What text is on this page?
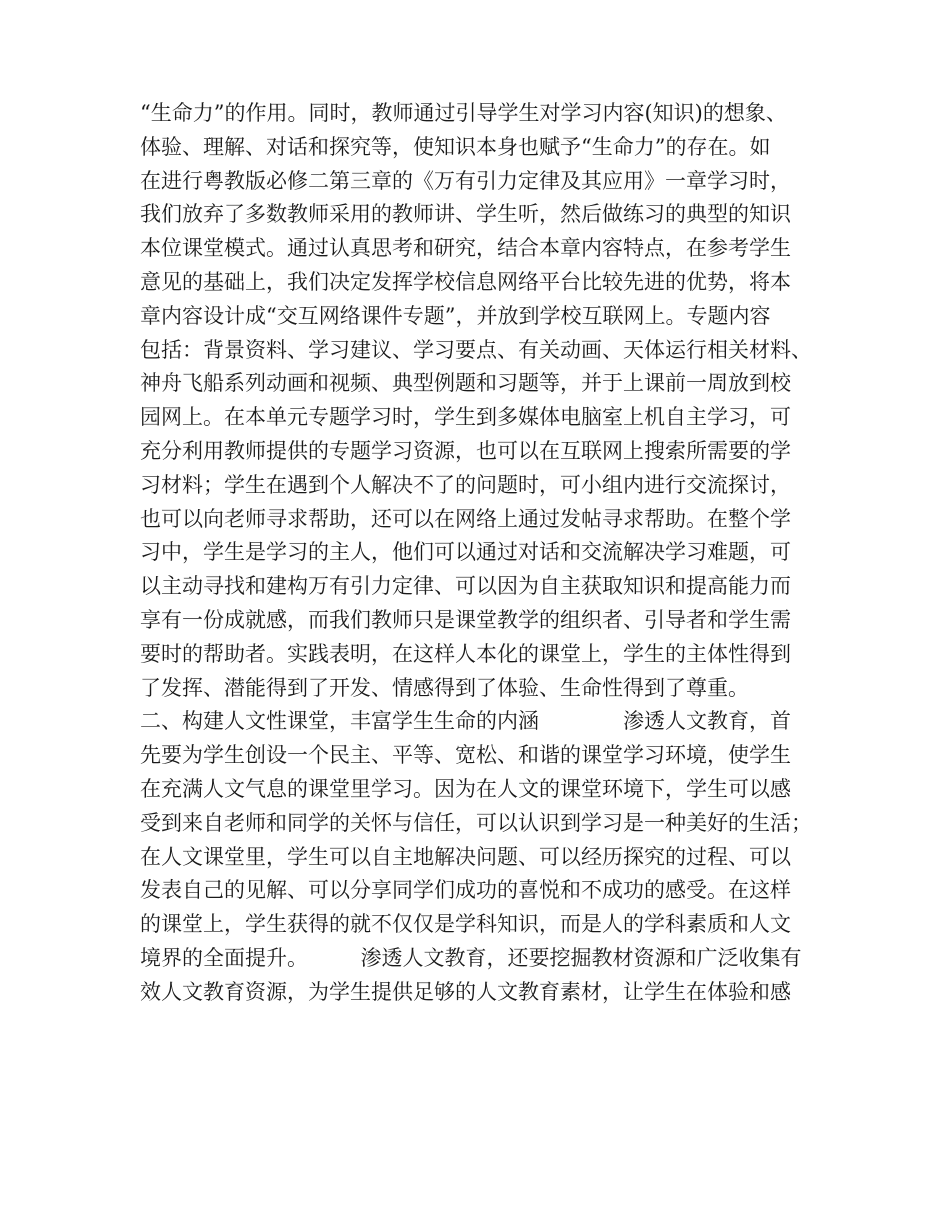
“生命力”的作用。同时，教师通过引导学生对学习内容(知识)的想象、
体验、理解、对话和探究等，使知识本身也赋予“生命力”的存在。如
在进行粤教版必修二第三章的《万有引力定律及其应用》一章学习时，
我们放弃了多数教师采用的教师讲、学生听，然后做练习的典型的知识
本位课堂模式。通过认真思考和研究，结合本章内容特点，在参考学生
意见的基础上，我们决定发挥学校信息网络平台比较先进的优势，将本
章内容设计成“交互网络课件专题”，并放到学校互联网上。专题内容
包括：背景资料、学习建议、学习要点、有关动画、天体运行相关材料、
神舟飞船系列动画和视频、典型例题和习题等，并于上课前一周放到校
园网上。在本单元专题学习时，学生到多媒体电脑室上机自主学习，可
充分利用教师提供的专题学习资源，也可以在互联网上搜索所需要的学
习材料；学生在遇到个人解决不了的问题时，可小组内进行交流探讨，
也可以向老师寻求帮助，还可以在网络上通过发帖寻求帮助。在整个学
习中，学生是学习的主人，他们可以通过对话和交流解决学习难题，可
以主动寻找和建构万有引力定律、可以因为自主获取知识和提高能力而
享有一份成就感，而我们教师只是课堂教学的组织者、引导者和学生需
要时的帮助者。实践表明，在这样人本化的课堂上，学生的主体性得到
了发挥、潜能得到了开发、情感得到了体验、生命性得到了尊重。
二、构建人文性课堂，丰富学生生命的内涵　　　　渗透人文教育，首
先要为学生创设一个民主、平等、宽松、和谐的课堂学习环境，使学生
在充满人文气息的课堂里学习。因为在人文的课堂环境下，学生可以感
受到来自老师和同学的关怀与信任，可以认识到学习是一种美好的生活；
在人文课堂里，学生可以自主地解决问题、可以经历探究的过程、可以
发表自己的见解、可以分享同学们成功的喜悦和不成功的感受。在这样
的课堂上，学生获得的就不仅仅是学科知识，而是人的学科素质和人文
境界的全面提升。　　　渗透人文教育，还要挖掘教材资源和广泛收集有
效人文教育资源，为学生提供足够的人文教育素材，让学生在体验和感
